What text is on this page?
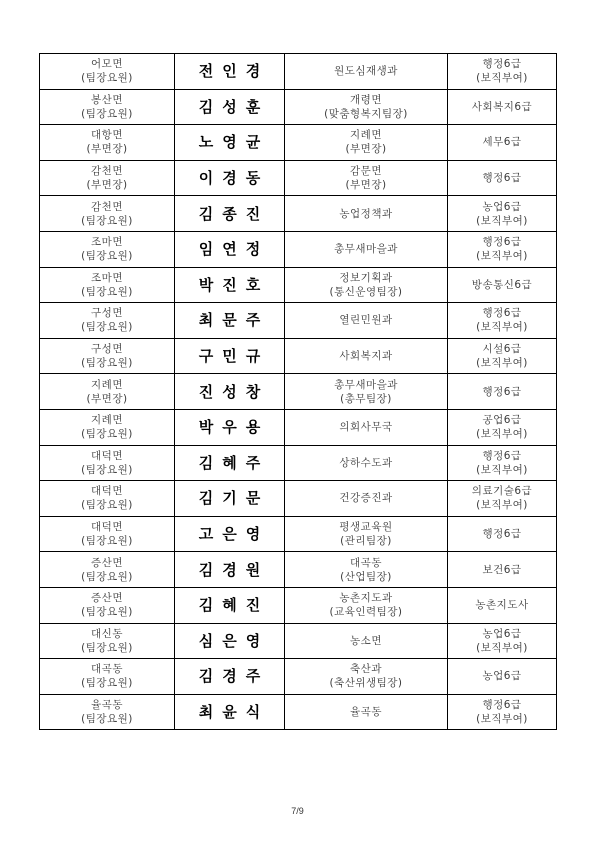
어모면
(팀장요원)	전인경	원도심재생과	행정6급
(보직부여)

봉산면
(팀장요원)	김성훈	개령면
(맞춤형복지팀장)	사회복지6급

대항면
(부면장)	노영균	지례면
(부면장)	세무6급

감천면
(부면장)	이경동	감문면
(부면장)	행정6급

감천면
(팀장요원)	김종진	농업정책과	농업6급
(보직부여)

조마면
(팀장요원)	임연정	총무새마을과	행정6급
(보직부여)

조마면
(팀장요원)	박진호	정보기획과
(통신운영팀장)	방송통신6급

구성면
(팀장요원)	최문주	열린민원과	행정6급
(보직부여)

구성면
(팀장요원)	구민규	사회복지과	시설6급
(보직부여)

지례면
(부면장)	진성창	총무새마을과
(총무팀장)	행정6급

지례면
(팀장요원)	박우용	의회사무국	공업6급
(보직부여)

대덕면
(팀장요원)	김혜주	상하수도과	행정6급
(보직부여)

대덕면
(팀장요원)	김기문	건강증진과	의료기술6급
(보직부여)

대덕면
(팀장요원)	고은영	평생교육원
(관리팀장)	행정6급

증산면
(팀장요원)	김경원	대곡동
(산업팀장)	보건6급

증산면
(팀장요원)	김혜진	농촌지도과
(교육인력팀장)	농촌지도사

대신동
(팀장요원)	심은영	농소면	농업6급
(보직부여)

대곡동
(팀장요원)	김경주	축산과
(축산위생팀장)	농업6급

율곡동
(팀장요원)	최윤식	율곡동	행정6급
(보직부여)
7/9
